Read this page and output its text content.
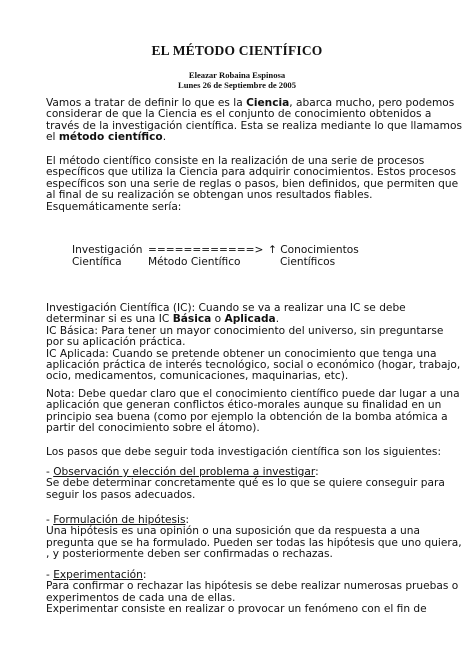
EL MÉTODO CIENTÍFICO
Eleazar Robaina Espinosa
Lunes 26 de Septiembre de 2005

Vamos a tratar de definir lo que es la Ciencia, abarca mucho, pero podemos

considerar de que la Ciencia es el conjunto de conocimiento obtenidos a

través de la investigación científica. Esta se realiza mediante lo que llamamos

el método científico.

El método científico consiste en la realización de una serie de procesos

específicos que utiliza la Ciencia para adquirir conocimientos. Estos procesos

específicos son una serie de reglas o pasos, bien definidos, que permiten que

al final de su realización se obtengan unos resultados fiables.

Esquemáticamente sería:

Investigación
Científica
============>
Método Científico
↑ Conocimientos
Científicos

Investigación Científica (IC): Cuando se va a realizar una IC se debe

determinar si es una IC Básica o Aplicada.

IC Básica: Para tener un mayor conocimiento del universo, sin preguntarse

por su aplicación práctica.

IC Aplicada: Cuando se pretende obtener un conocimiento que tenga una

aplicación práctica de interés tecnológico, social o económico (hogar, trabajo,

ocio, medicamentos, comunicaciones, maquinarias, etc).

Nota: Debe quedar claro que el conocimiento científico puede dar lugar a una

aplicación que generan conflictos ético-morales aunque su finalidad en un

principio sea buena (como por ejemplo la obtención de la bomba atómica a

partir del conocimiento sobre el átomo).

Los pasos que debe seguir toda investigación científica son los siguientes:

- Observación y elección del problema a investigar:

Se debe determinar concretamente qué es lo que se quiere conseguir para

seguir los pasos adecuados.

- Formulación de hipótesis:

Una hipótesis es una opinión o una suposición que da respuesta a una

pregunta que se ha formulado. Pueden ser todas las hipótesis que uno quiera,

, y posteriormente deben ser confirmadas o rechazas.

- Experimentación:

Para confirmar o rechazar las hipótesis se debe realizar numerosas pruebas o

experimentos de cada una de ellas.

Experimentar consiste en realizar o provocar un fenómeno con el fin de
